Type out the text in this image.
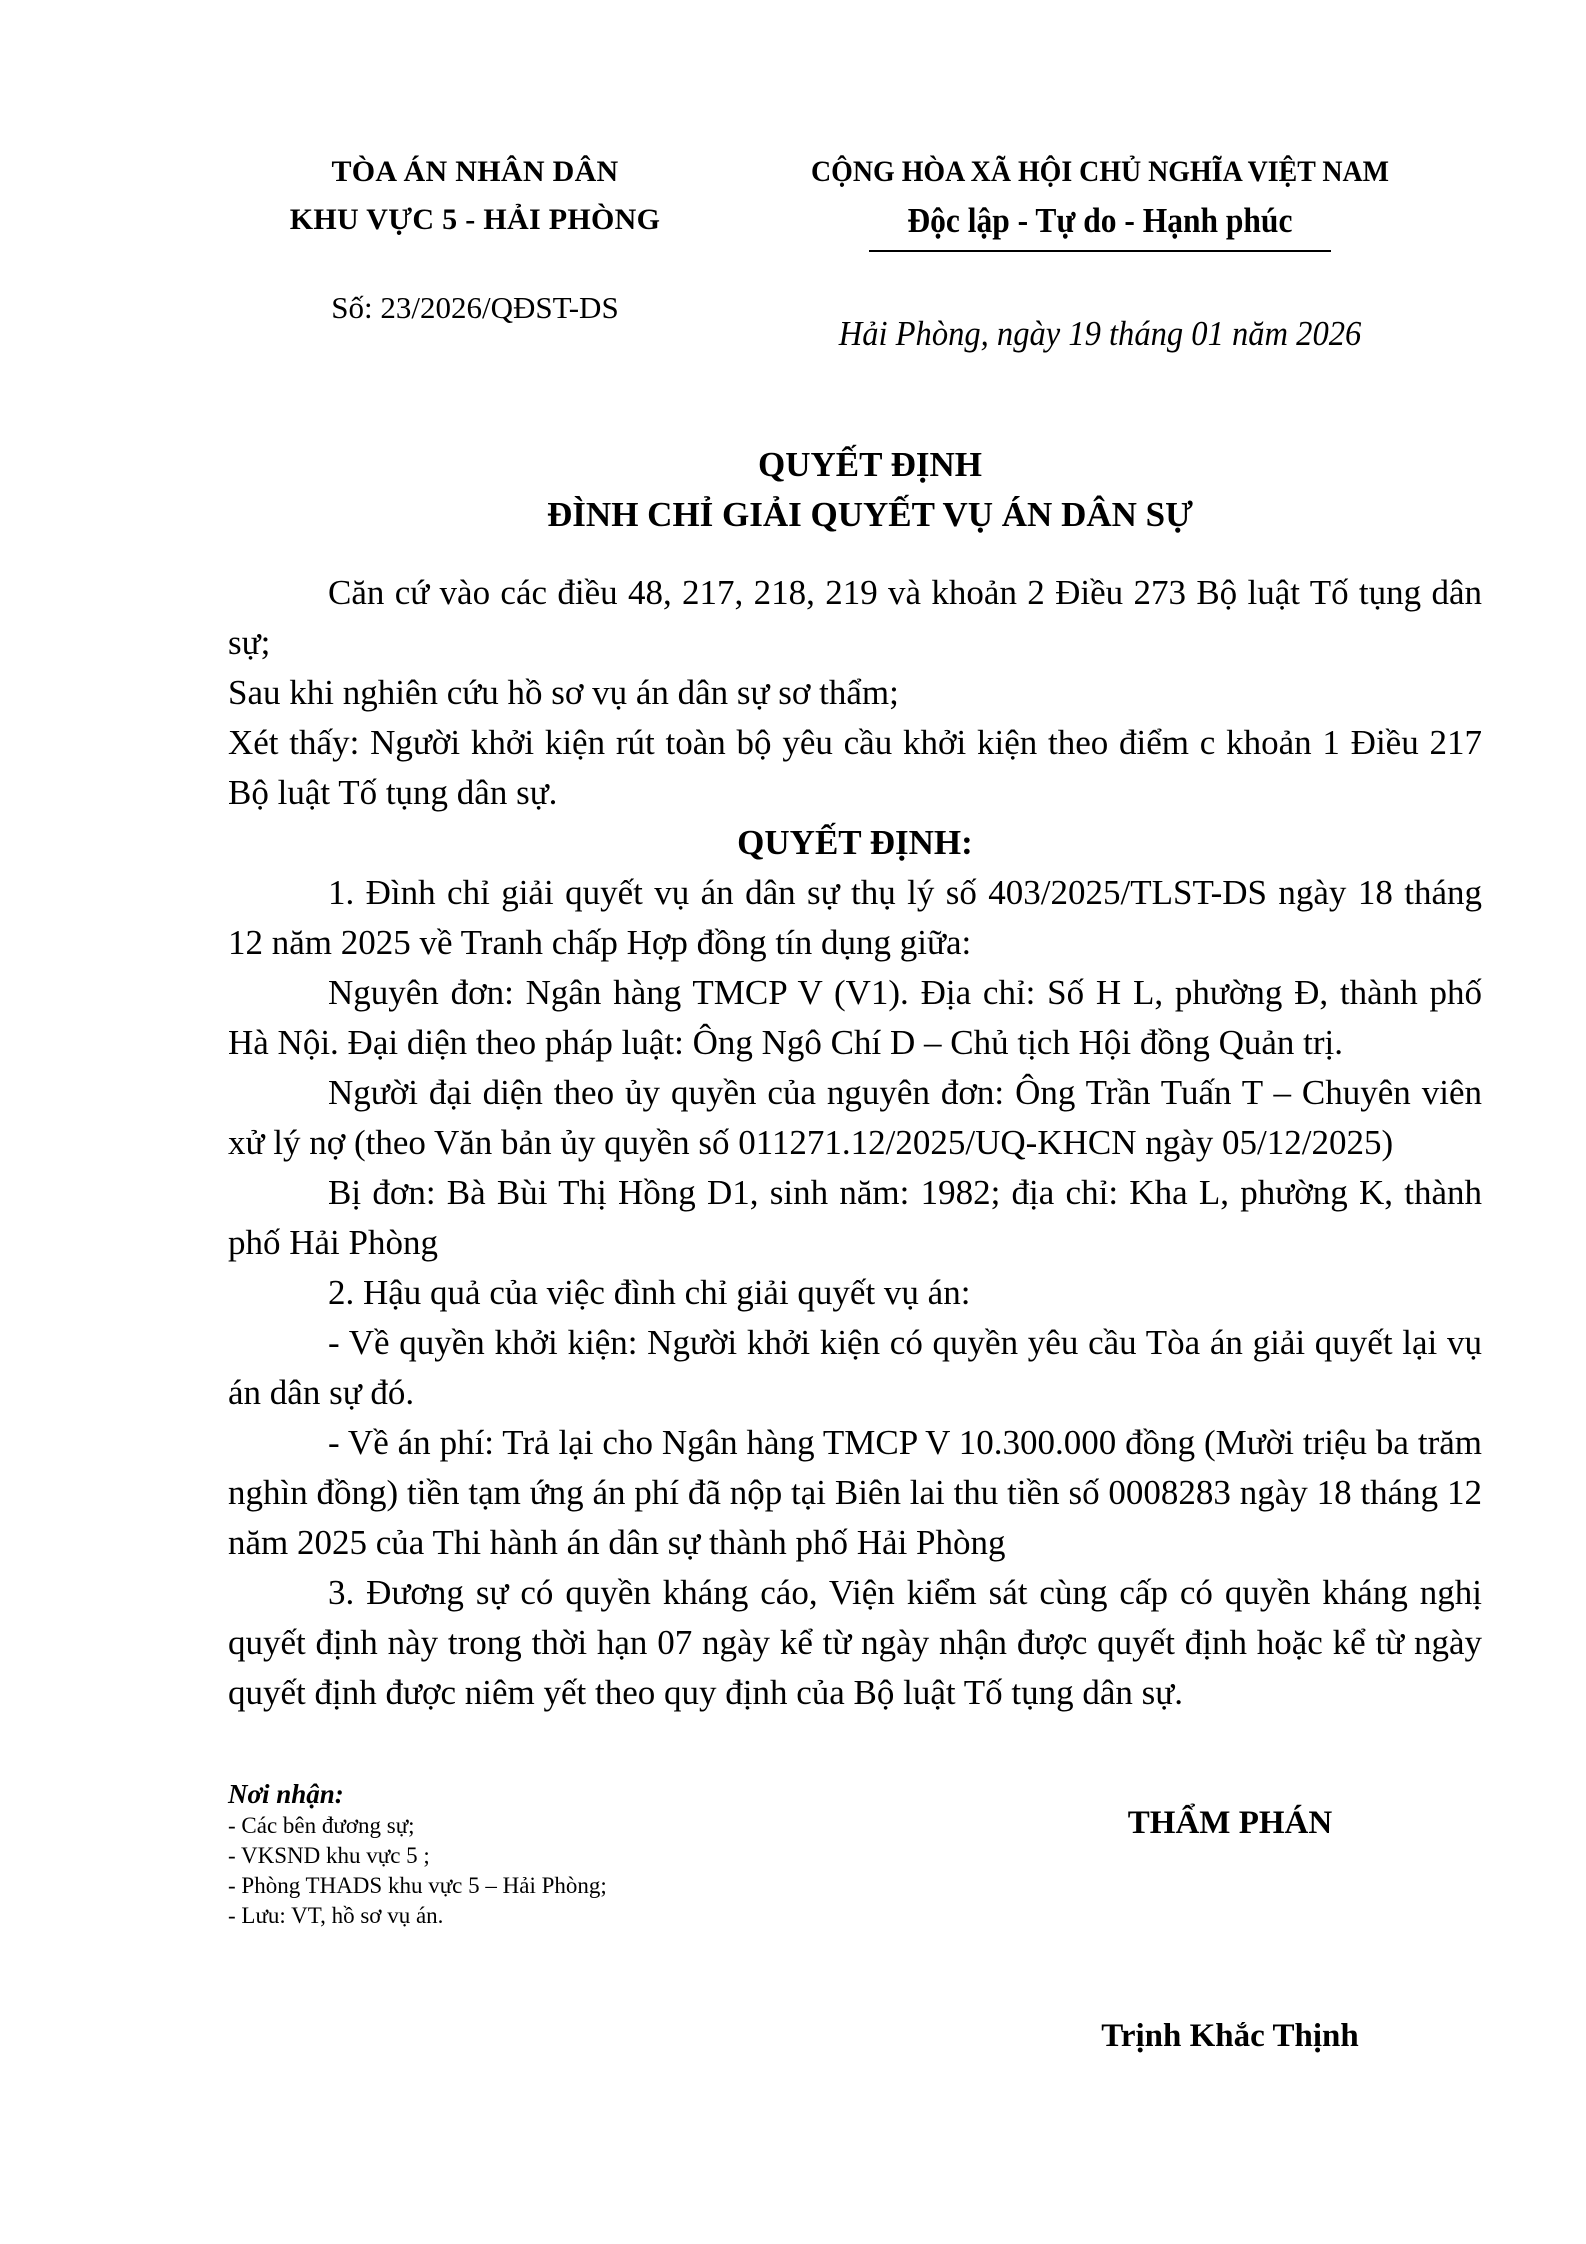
TÒA ÁN NHÂN DÂN
KHU VỰC 5 - HẢI PHÒNG
Số: 23/2026/QĐST-DS
CỘNG HÒA XÃ HỘI CHỦ NGHĨA VIỆT NAM
Độc lập - Tự do - Hạnh phúc
Hải Phòng, ngày 19 tháng 01 năm 2026
QUYẾT ĐỊNH
ĐÌNH CHỈ GIẢI QUYẾT VỤ ÁN DÂN SỰ

Căn cứ vào các điều 48, 217, 218, 219 và khoản 2 Điều 273 Bộ luật Tố tụng dân sự;

Sau khi nghiên cứu hồ sơ vụ án dân sự sơ thẩm;

Xét thấy: Người khởi kiện rút toàn bộ yêu cầu khởi kiện theo điểm c khoản 1 Điều 217 Bộ luật Tố tụng dân sự.

QUYẾT ĐỊNH:

1. Đình chỉ giải quyết vụ án dân sự thụ lý số 403/2025/TLST-DS ngày 18 tháng 12 năm 2025 về Tranh chấp Hợp đồng tín dụng giữa:

Nguyên đơn: Ngân hàng TMCP V (V1). Địa chỉ: Số H L, phường Đ, thành phố Hà Nội. Đại diện theo pháp luật: Ông Ngô Chí D – Chủ tịch Hội đồng Quản trị.

Người đại diện theo ủy quyền của nguyên đơn: Ông Trần Tuấn T – Chuyên viên xử lý nợ (theo Văn bản ủy quyền số 011271.12/2025/UQ-KHCN ngày 05/12/2025)

Bị đơn: Bà Bùi Thị Hồng D1, sinh năm: 1982; địa chỉ: Kha L, phường K, thành phố Hải Phòng

2. Hậu quả của việc đình chỉ giải quyết vụ án:

- Về quyền khởi kiện: Người khởi kiện có quyền yêu cầu Tòa án giải quyết lại vụ án dân sự đó.

- Về án phí: Trả lại cho Ngân hàng TMCP V 10.300.000 đồng (Mười triệu ba trăm nghìn đồng) tiền tạm ứng án phí đã nộp tại Biên lai thu tiền số 0008283 ngày 18 tháng 12 năm 2025 của Thi hành án dân sự thành phố Hải Phòng

3. Đương sự có quyền kháng cáo, Viện kiểm sát cùng cấp có quyền kháng nghị quyết định này trong thời hạn 07 ngày kể từ ngày nhận được quyết định hoặc kể từ ngày quyết định được niêm yết theo quy định của Bộ luật Tố tụng dân sự.

Nơi nhận:
- Các bên đương sự;
- VKSND khu vực 5 ;
- Phòng THADS khu vực 5 – Hải Phòng;
- Lưu: VT, hồ sơ vụ án.
THẨM PHÁN
Trịnh Khắc Thịnh
